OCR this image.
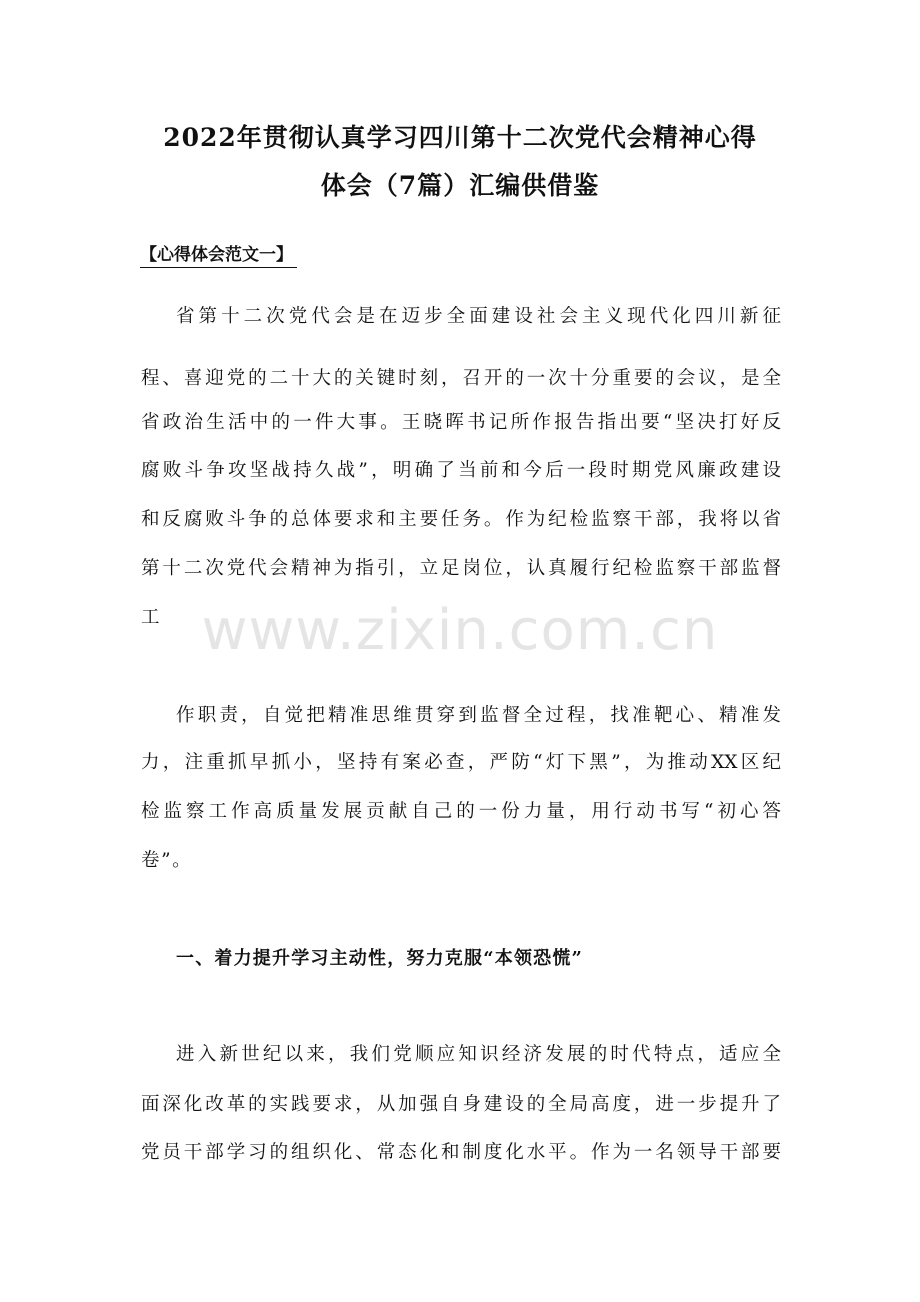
2022年贯彻认真学习四川第十二次党代会精神心得
体会（7篇）汇编供借鉴
【心得体会范文一】
省第十二次党代会是在迈步全面建设社会主义现代化四川新征
程、喜迎党的二十大的关键时刻，召开的一次十分重要的会议，是全
省政治生活中的一件大事。王晓晖书记所作报告指出要“坚决打好反
腐败斗争攻坚战持久战”，明确了当前和今后一段时期党风廉政建设
和反腐败斗争的总体要求和主要任务。作为纪检监察干部，我将以省
第十二次党代会精神为指引，立足岗位，认真履行纪检监察干部监督
工 www.zixin.com.cn
作职责，自觉把精准思维贯穿到监督全过程，找准靶心、精准发
力，注重抓早抓小，坚持有案必查，严防“灯下黑”，为推动XX区纪
检监察工作高质量发展贡献自己的一份力量，用行动书写“初心答
卷”。
一、着力提升学习主动性，努力克服“本领恐慌”
进入新世纪以来，我们党顺应知识经济发展的时代特点，适应全
面深化改革的实践要求，从加强自身建设的全局高度，进一步提升了
党员干部学习的组织化、常态化和制度化水平。作为一名领导干部要
